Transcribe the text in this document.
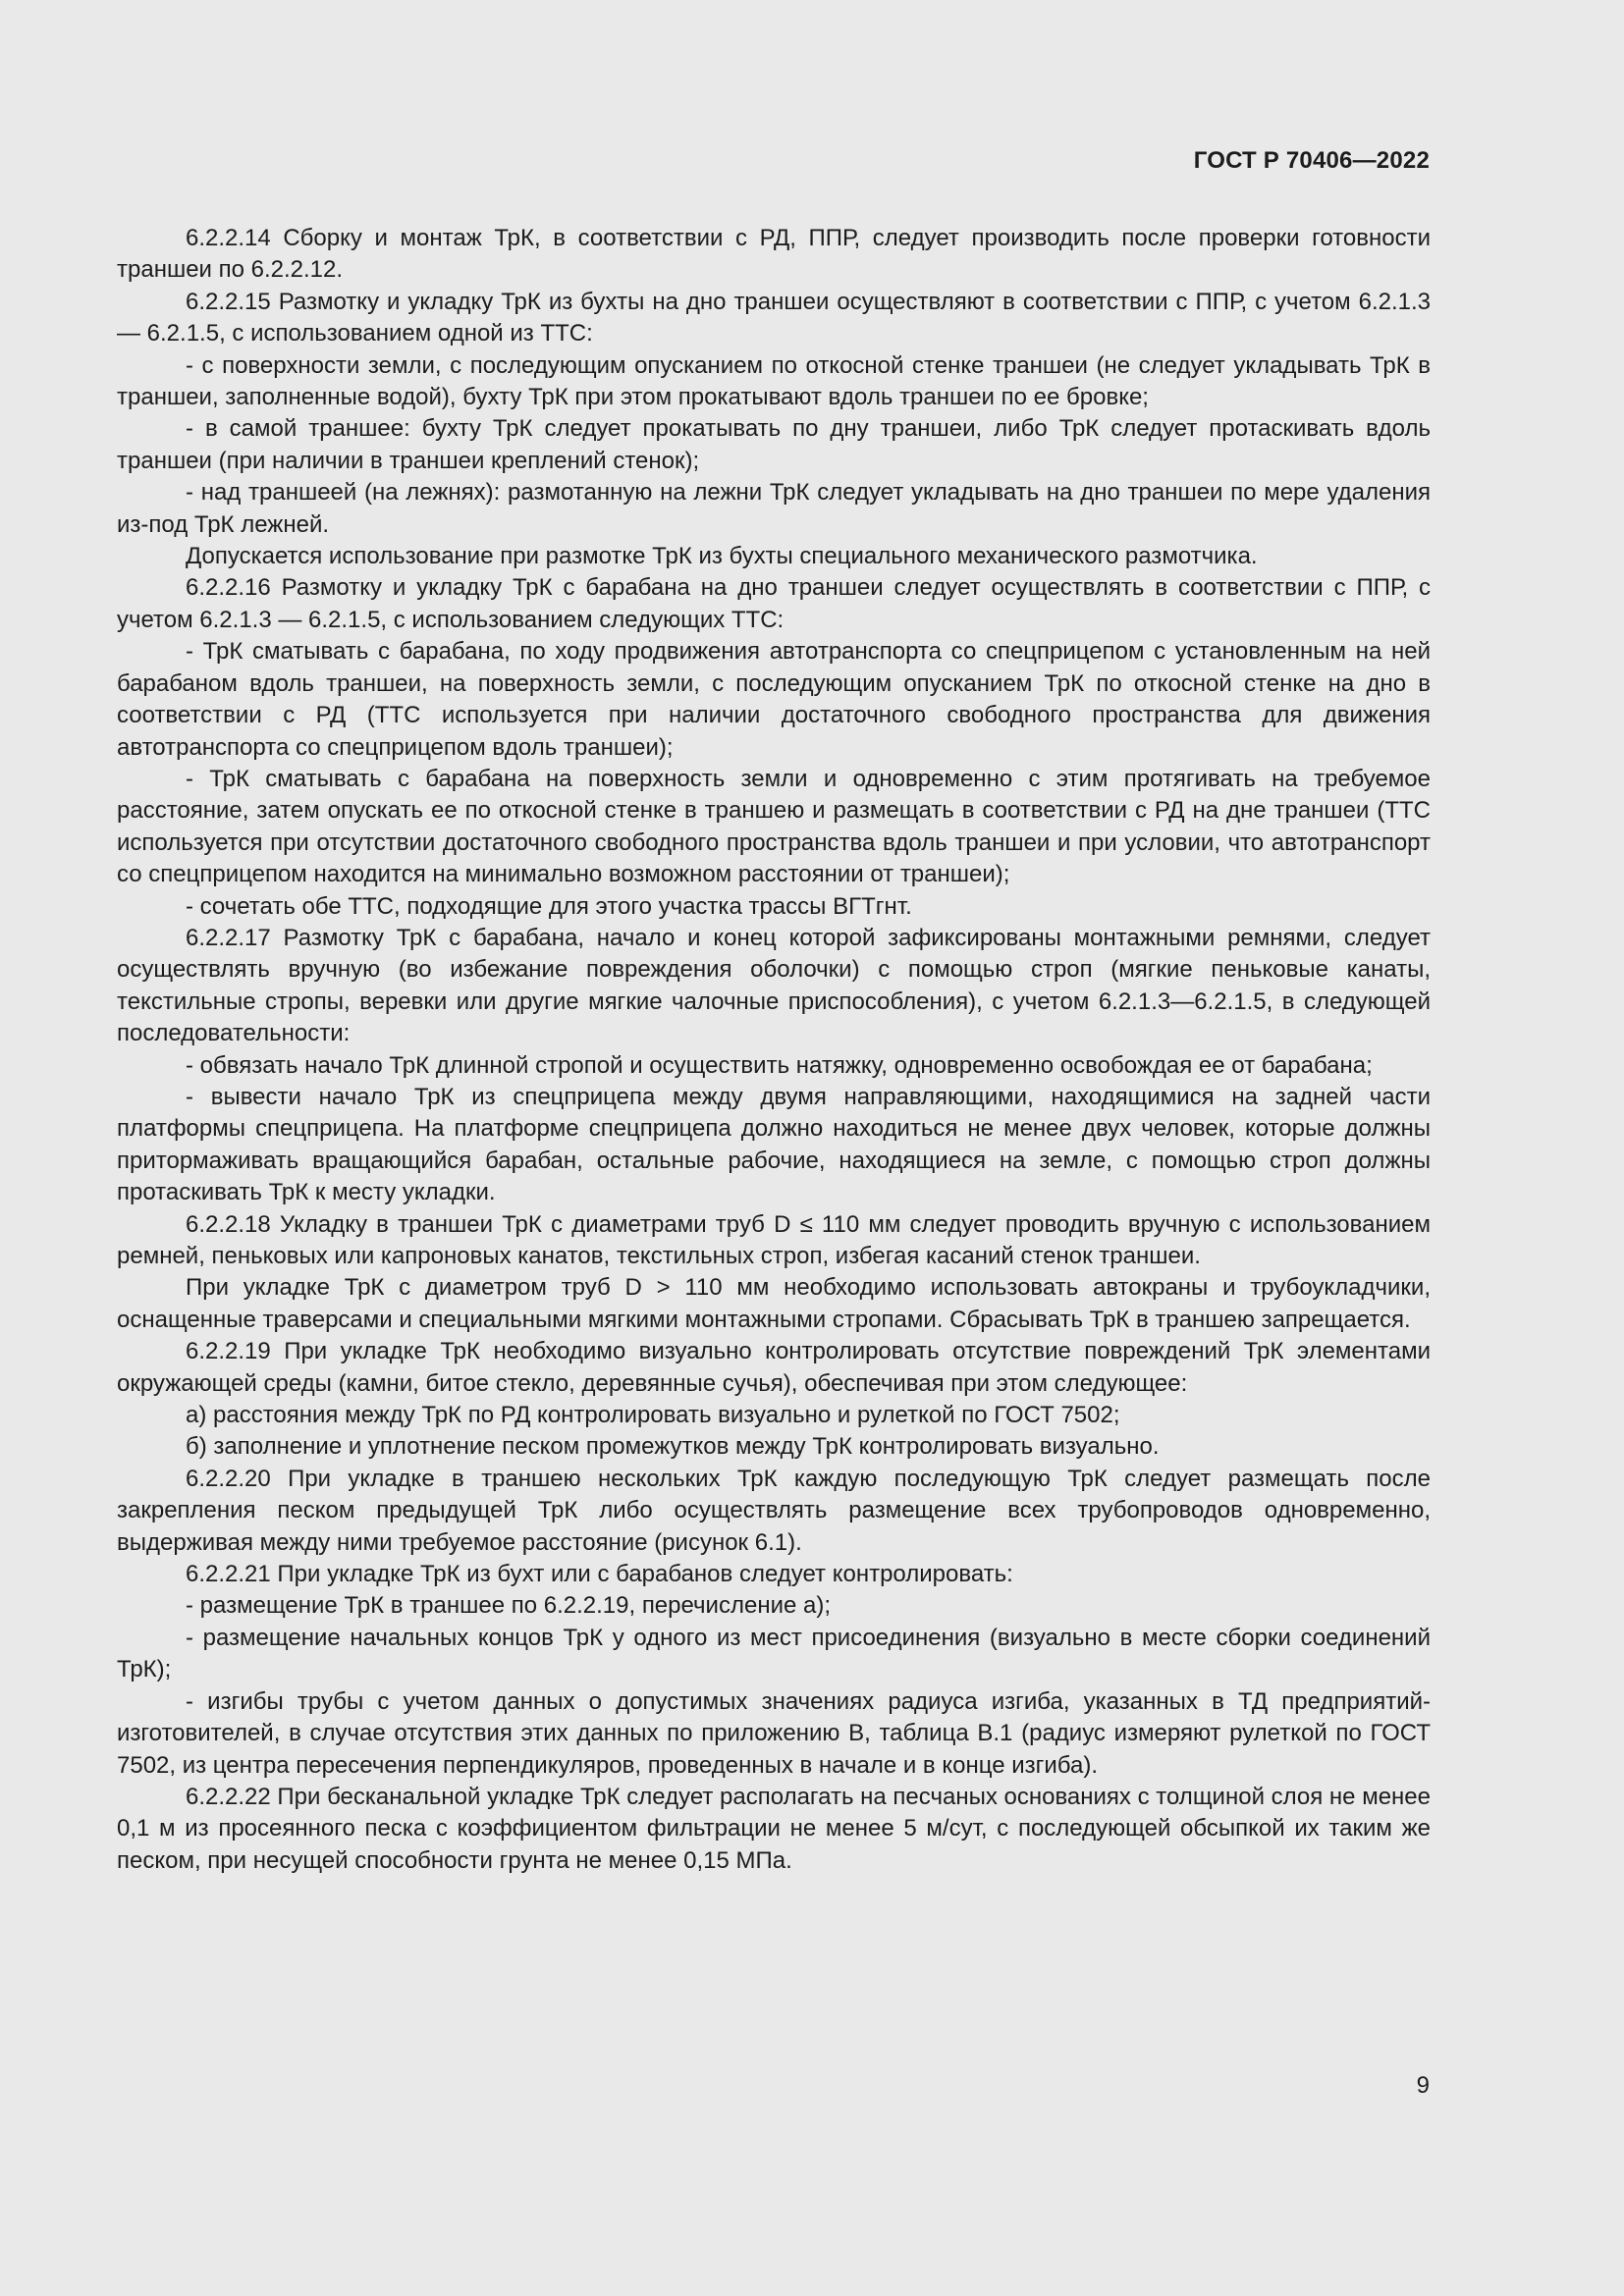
ГОСТ Р 70406—2022

6.2.2.14 Сборку и монтаж ТрК, в соответствии с РД, ППР, следует производить после проверки готовности траншеи по 6.2.2.12.

6.2.2.15 Размотку и укладку ТрК из бухты на дно траншеи осуществляют в соответствии с ППР, с учетом 6.2.1.3 — 6.2.1.5, с использованием одной из ТТС:

- с поверхности земли, с последующим опусканием по откосной стенке траншеи (не следует укладывать ТрК в траншеи, заполненные водой), бухту ТрК при этом прокатывают вдоль траншеи по ее бровке;

- в самой траншее: бухту ТрК следует прокатывать по дну траншеи, либо ТрК следует протаскивать вдоль траншеи (при наличии в траншеи креплений стенок);

- над траншеей (на лежнях): размотанную на лежни ТрК следует укладывать на дно траншеи по мере удаления из-под ТрК лежней.

Допускается использование при размотке ТрК из бухты специального механического размотчика.

6.2.2.16 Размотку и укладку ТрК с барабана на дно траншеи следует осуществлять в соответствии с ППР, с учетом 6.2.1.3 — 6.2.1.5, с использованием следующих ТТС:

- ТрК сматывать с барабана, по ходу продвижения автотранспорта со спецприцепом с установленным на ней барабаном вдоль траншеи, на поверхность земли, с последующим опусканием ТрК по откосной стенке на дно в соответствии с РД (ТТС используется при наличии достаточного свободного пространства для движения автотранспорта со спецприцепом вдоль траншеи);

- ТрК сматывать с барабана на поверхность земли и одновременно с этим протягивать на требуемое расстояние, затем опускать ее по откосной стенке в траншею и размещать в соответствии с РД на дне траншеи (ТТС используется при отсутствии достаточного свободного пространства вдоль траншеи и при условии, что автотранспорт со спецприцепом находится на минимально возможном расстоянии от траншеи);

- сочетать обе ТТС, подходящие для этого участка трассы ВГТгнт.

6.2.2.17 Размотку ТрК с барабана, начало и конец которой зафиксированы монтажными ремнями, следует осуществлять вручную (во избежание повреждения оболочки) с помощью строп (мягкие пеньковые канаты, текстильные стропы, веревки или другие мягкие чалочные приспособления), с учетом 6.2.1.3—6.2.1.5, в следующей последовательности:

- обвязать начало ТрК длинной стропой и осуществить натяжку, одновременно освобождая ее от барабана;

- вывести начало ТрК из спецприцепа между двумя направляющими, находящимися на задней части платформы спецприцепа. На платформе спецприцепа должно находиться не менее двух человек, которые должны притормаживать вращающийся барабан, остальные рабочие, находящиеся на земле, с помощью строп должны протаскивать ТрК к месту укладки.

6.2.2.18 Укладку в траншеи ТрК с диаметрами труб D ≤ 110 мм следует проводить вручную с использованием ремней, пеньковых или капроновых канатов, текстильных строп, избегая касаний стенок траншеи.

При укладке ТрК с диаметром труб D > 110 мм необходимо использовать автокраны и трубоукладчики, оснащенные траверсами и специальными мягкими монтажными стропами. Сбрасывать ТрК в траншею запрещается.

6.2.2.19 При укладке ТрК необходимо визуально контролировать отсутствие повреждений ТрК элементами окружающей среды (камни, битое стекло, деревянные сучья), обеспечивая при этом следующее:

а) расстояния между ТрК по РД контролировать визуально и рулеткой по ГОСТ 7502;

б) заполнение и уплотнение песком промежутков между ТрК контролировать визуально.

6.2.2.20 При укладке в траншею нескольких ТрК каждую последующую ТрК следует размещать после закрепления песком предыдущей ТрК либо осуществлять размещение всех трубопроводов одновременно, выдерживая между ними требуемое расстояние (рисунок 6.1).

6.2.2.21 При укладке ТрК из бухт или с барабанов следует контролировать:

- размещение ТрК в траншее по 6.2.2.19, перечисление а);

- размещение начальных концов ТрК у одного из мест присоединения (визуально в месте сборки соединений ТрК);

- изгибы трубы с учетом данных о допустимых значениях радиуса изгиба, указанных в ТД предприятий-изготовителей, в случае отсутствия этих данных по приложению В, таблица В.1 (радиус измеряют рулеткой по ГОСТ 7502, из центра пересечения перпендикуляров, проведенных в начале и в конце изгиба).

6.2.2.22 При бесканальной укладке ТрК следует располагать на песчаных основаниях с толщиной слоя не менее 0,1 м из просеянного песка с коэффициентом фильтрации не менее 5 м/сут, с последующей обсыпкой их таким же песком, при несущей способности грунта не менее 0,15 МПа.

9
